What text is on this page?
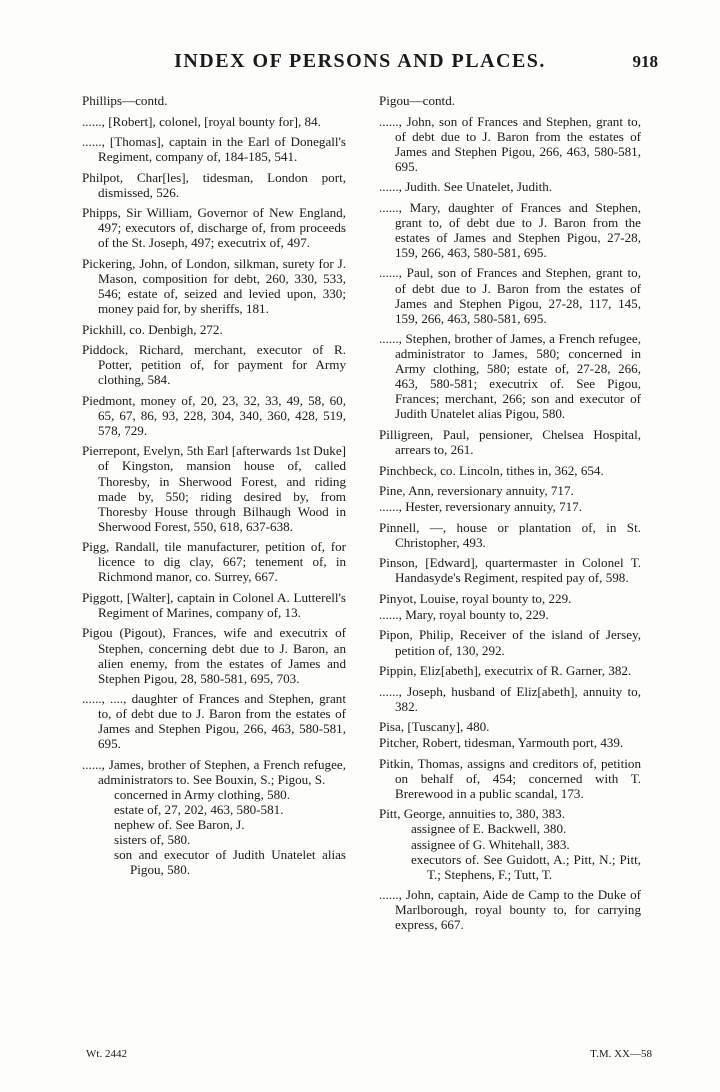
INDEX OF PERSONS AND PLACES.	918

Phillips—contd.

......, [Robert], colonel, [royal bounty for], 84.

......, [Thomas], captain in the Earl of Donegall's Regiment, company of, 184-185, 541.

Philpot, Char[les], tidesman, London port, dismissed, 526.

Phipps, Sir William, Governor of New England, 497; executors of, discharge of, from proceeds of the St. Joseph, 497; executrix of, 497.

Pickering, John, of London, silkman, surety for J. Mason, composition for debt, 260, 330, 533, 546; estate of, seized and levied upon, 330; money paid for, by sheriffs, 181.

Pickhill, co. Denbigh, 272.

Piddock, Richard, merchant, executor of R. Potter, petition of, for payment for Army clothing, 584.

Piedmont, money of, 20, 23, 32, 33, 49, 58, 60, 65, 67, 86, 93, 228, 304, 340, 360, 428, 519, 578, 729.

Pierrepont, Evelyn, 5th Earl [afterwards 1st Duke] of Kingston, mansion house of, called Thoresby, in Sherwood Forest, and riding made by, 550; riding desired by, from Thoresby House through Bilhaugh Wood in Sherwood Forest, 550, 618, 637-638.

Pigg, Randall, tile manufacturer, petition of, for licence to dig clay, 667; tenement of, in Richmond manor, co. Surrey, 667.

Piggott, [Walter], captain in Colonel A. Lutterell's Regiment of Marines, company of, 13.

Pigou (Pigout), Frances, wife and executrix of Stephen, concerning debt due to J. Baron, an alien enemy, from the estates of James and Stephen Pigou, 28, 580-581, 695, 703.

......, ...., daughter of Frances and Stephen, grant to, of debt due to J. Baron from the estates of James and Stephen Pigou, 266, 463, 580-581, 695.

......, James, brother of Stephen, a French refugee, administrators to. See Bouxin, S.; Pigou, S.

concerned in Army clothing, 580.

estate of, 27, 202, 463, 580-581.

nephew of. See Baron, J.

sisters of, 580.

son and executor of Judith Unatelet alias Pigou, 580.

Pigou—contd.

......, John, son of Frances and Stephen, grant to, of debt due to J. Baron from the estates of James and Stephen Pigou, 266, 463, 580-581, 695.

......, Judith. See Unatelet, Judith.

......, Mary, daughter of Frances and Stephen, grant to, of debt due to J. Baron from the estates of James and Stephen Pigou, 27-28, 159, 266, 463, 580-581, 695.

......, Paul, son of Frances and Stephen, grant to, of debt due to J. Baron from the estates of James and Stephen Pigou, 27-28, 117, 145, 159, 266, 463, 580-581, 695.

......, Stephen, brother of James, a French refugee, administrator to James, 580; concerned in Army clothing, 580; estate of, 27-28, 266, 463, 580-581; executrix of. See Pigou, Frances; merchant, 266; son and executor of Judith Unatelet alias Pigou, 580.

Pilligreen, Paul, pensioner, Chelsea Hospital, arrears to, 261.

Pinchbeck, co. Lincoln, tithes in, 362, 654.

Pine, Ann, reversionary annuity, 717.

......, Hester, reversionary annuity, 717.

Pinnell, —, house or plantation of, in St. Christopher, 493.

Pinson, [Edward], quartermaster in Colonel T. Handasyde's Regiment, respited pay of, 598.

Pinyot, Louise, royal bounty to, 229.

......, Mary, royal bounty to, 229.

Pipon, Philip, Receiver of the island of Jersey, petition of, 130, 292.

Pippin, Eliz[abeth], executrix of R. Garner, 382.

......, Joseph, husband of Eliz[abeth], annuity to, 382.

Pisa, [Tuscany], 480.

Pitcher, Robert, tidesman, Yarmouth port, 439.

Pitkin, Thomas, assigns and creditors of, petition on behalf of, 454; concerned with T. Brerewood in a public scandal, 173.

Pitt, George, annuities to, 380, 383.

assignee of E. Backwell, 380.

assignee of G. Whitehall, 383.

executors of. See Guidott, A.; Pitt, N.; Pitt, T.; Stephens, F.; Tutt, T.

......, John, captain, Aide de Camp to the Duke of Marlborough, royal bounty to, for carrying express, 667.

Wt. 2442	T.M. XX—58
